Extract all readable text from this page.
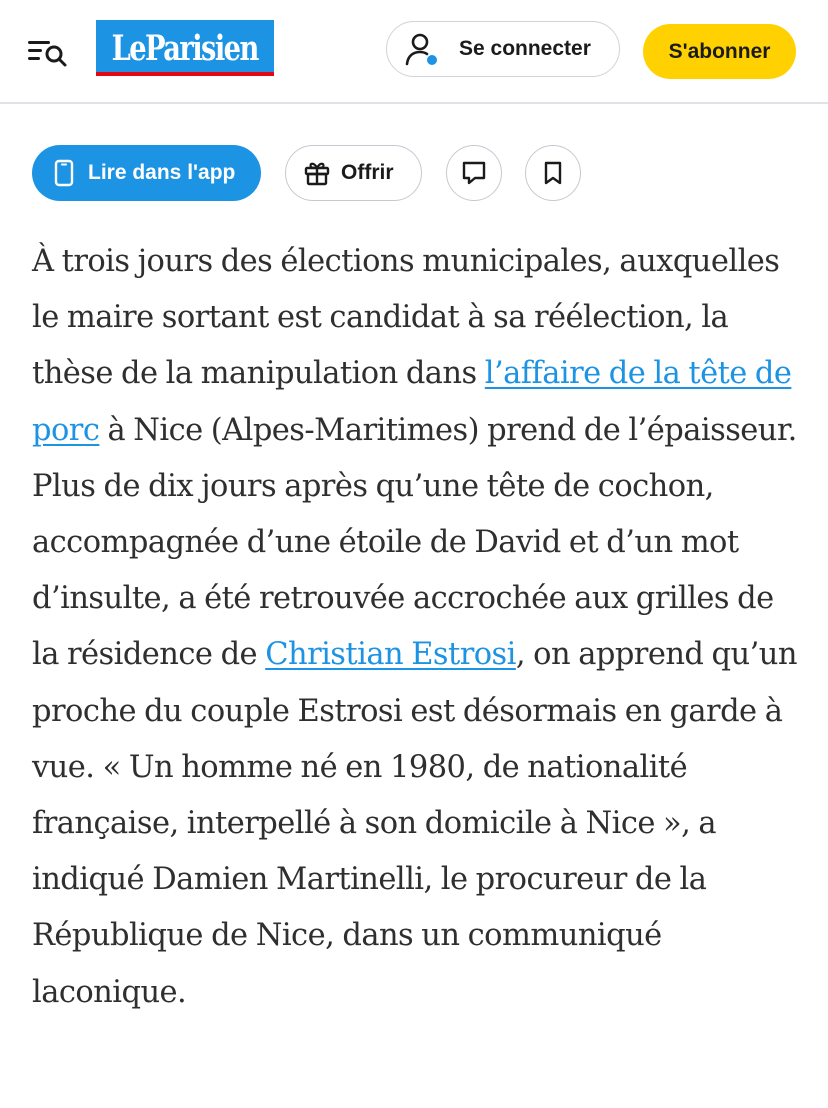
LeParisien	Se connecter	S'abonner
Lire dans l'app	Offrir
À trois jours des élections municipales, auxquelles le maire sortant est candidat à sa réélection, la thèse de la manipulation dans l’affaire de la tête de porc à Nice (Alpes-Maritimes) prend de l’épaisseur. Plus de dix jours après qu’une tête de cochon, accompagnée d’une étoile de David et d’un mot d’insulte, a été retrouvée accrochée aux grilles de la résidence de Christian Estrosi, on apprend qu’un proche du couple Estrosi est désormais en garde à vue. « Un homme né en 1980, de nationalité française, interpellé à son domicile à Nice », a indiqué Damien Martinelli, le procureur de la République de Nice, dans un communiqué laconique.
